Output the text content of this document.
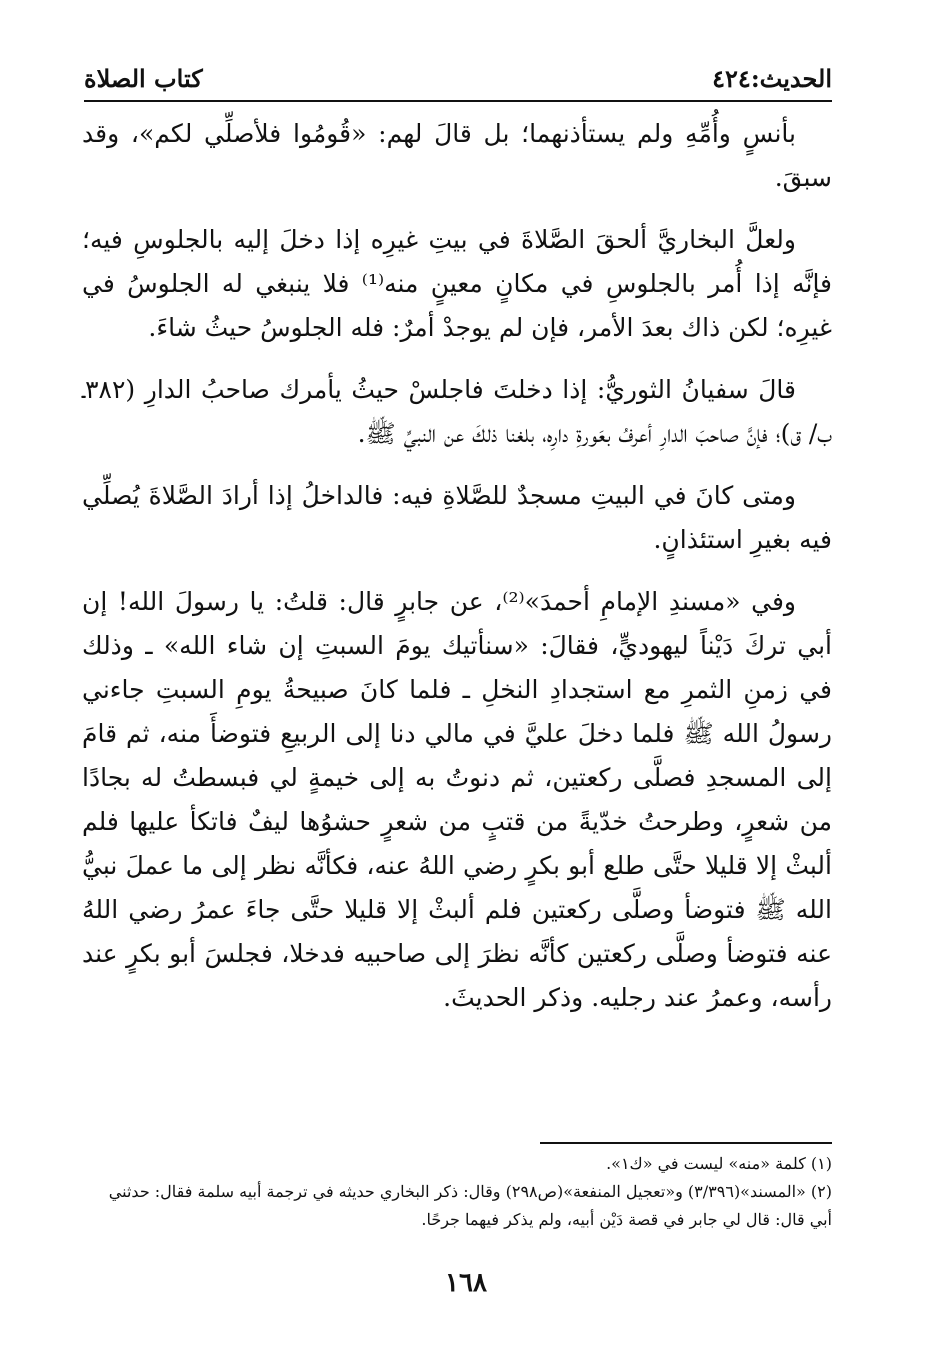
الحديث:٤٢٤
كتاب الصلاة

بأنسٍ وأُمِّهِ ولم يستأذنهما؛ بل قالَ لهم: «قُومُوا فلأصلِّي لكم»، وقد سبقَ.

ولعلَّ البخاريَّ ألحقَ الصَّلاةَ في بيتِ غيرِه إذا دخلَ إليه بالجلوسِ فيه؛ فإنَّه إذا أُمر بالجلوسِ في مكانٍ معينٍ منه⁽¹⁾ فلا ينبغي له الجلوسُ في غيرِه؛ لكن ذاك بعدَ الأمر، فإن لم يوجدْ أمرٌ: فله الجلوسُ حيثُ شاءَ.

قالَ سفيانُ الثوريُّ: إذا دخلتَ فاجلسْ حيثُ يأمرك صاحبُ الدارِ (٣٨٢ـ ب/ ق)؛ فإنَّ صاحبَ الدارِ أعرفُ بعَورةِ دارِه، بلغنا ذلكَ عن النبيِّ ﷺ.

ومتى كانَ في البيتِ مسجدٌ للصَّلاةِ فيه: فالداخلُ إذا أرادَ الصَّلاةَ يُصلِّي فيه بغيرِ استئذانٍ.

وفي «مسندِ الإمامِ أحمدَ»⁽²⁾، عن جابرٍ قال: قلتُ: يا رسولَ الله! إن أبي تركَ دَيْناً ليهوديٍّ، فقالَ: «سنأتيك يومَ السبتِ إن شاء الله» ـ وذلك في زمنِ الثمرِ مع استجدادِ النخلِ ـ فلما كانَ صبيحةُ يومِ السبتِ جاءني رسولُ الله ﷺ فلما دخلَ عليَّ في مالي دنا إلى الربيعِ فتوضأَ منه، ثم قامَ إلى المسجدِ فصلَّى ركعتين، ثم دنوتُ به إلى خيمةٍ لي فبسطتُ له بجادًا من شعرٍ، وطرحتُ خدّيةً من قتبٍ من شعرٍ حشوُها ليفٌ فاتكأ عليها فلم ألبثْ إلا قليلا حتَّى طلع أبو بكرٍ رضي اللهُ عنه، فكأنَّه نظر إلى ما عملَ نبيُّ الله ﷺ فتوضأ وصلَّى ركعتين فلم ألبثْ إلا قليلا حتَّى جاءَ عمرُ رضي اللهُ عنه فتوضأ وصلَّى ركعتين كأنَّه نظرَ إلى صاحبيه فدخلا، فجلسَ أبو بكرٍ عند رأسه، وعمرُ عند رجليه. وذكر الحديثَ.

(١) كلمة «منه» ليست في «ك١».

(٢) «المسند»(٣/٣٩٦) و«تعجيل المنفعة»(ص٢٩٨) وقال: ذكر البخاري حديثه في ترجمة أبيه سلمة فقال: حدثني أبي قال: قال لي جابر في قصة دَيْن أبيه، ولم يذكر فيهما جرحًا.

١٦٨
